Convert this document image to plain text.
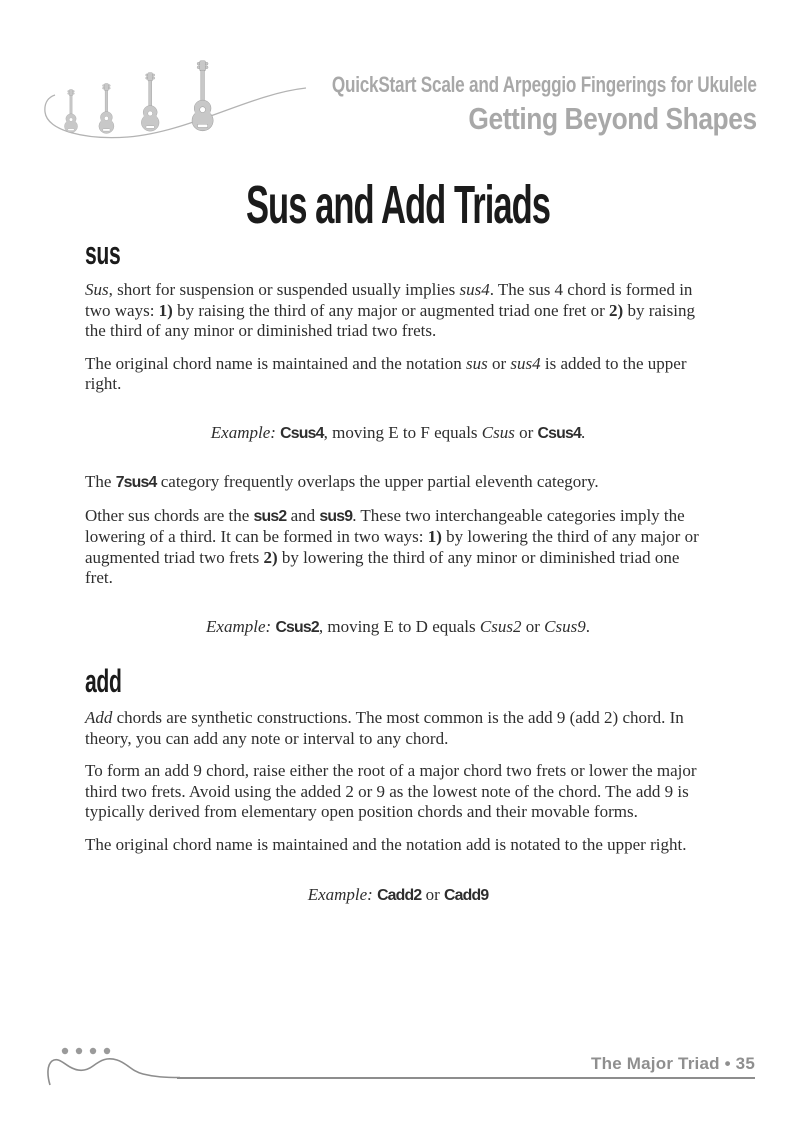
QuickStart Scale and Arpeggio Fingerings for Ukulele
Getting Beyond Shapes
Sus and Add Triads
sus

Sus, short for suspension or suspended usually implies sus4. The sus 4 chord is formed in
two ways: 1) by raising the third of any major or augmented triad one fret or 2) by raising the third of any minor or diminished triad two frets.

The original chord name is maintained and the notation sus or sus4 is added to the upper right.

Example: Csus4, moving E to F equals Csus or Csus4.

The 7sus4 category frequently overlaps the upper partial eleventh category.

Other sus chords are the sus2 and sus9. These two interchangeable categories imply the lowering of a third. It can be formed in two ways: 1) by lowering the third of any major or augmented triad two frets 2) by lowering the third of any minor or diminished triad one fret.

Example: Csus2, moving E to D equals Csus2 or Csus9.

add

Add chords are synthetic constructions. The most common is the add 9 (add 2) chord. In theory, you can add any note or interval to any chord.

To form an add 9 chord, raise either the root of a major chord two frets or lower the major third two frets. Avoid using the added 2 or 9 as the lowest note of the chord. The add 9 is typically derived from elementary open position chords and their movable forms.

The original chord name is maintained and the notation add is notated to the upper right.

Example: Cadd2 or Cadd9

The Major Triad • 35
